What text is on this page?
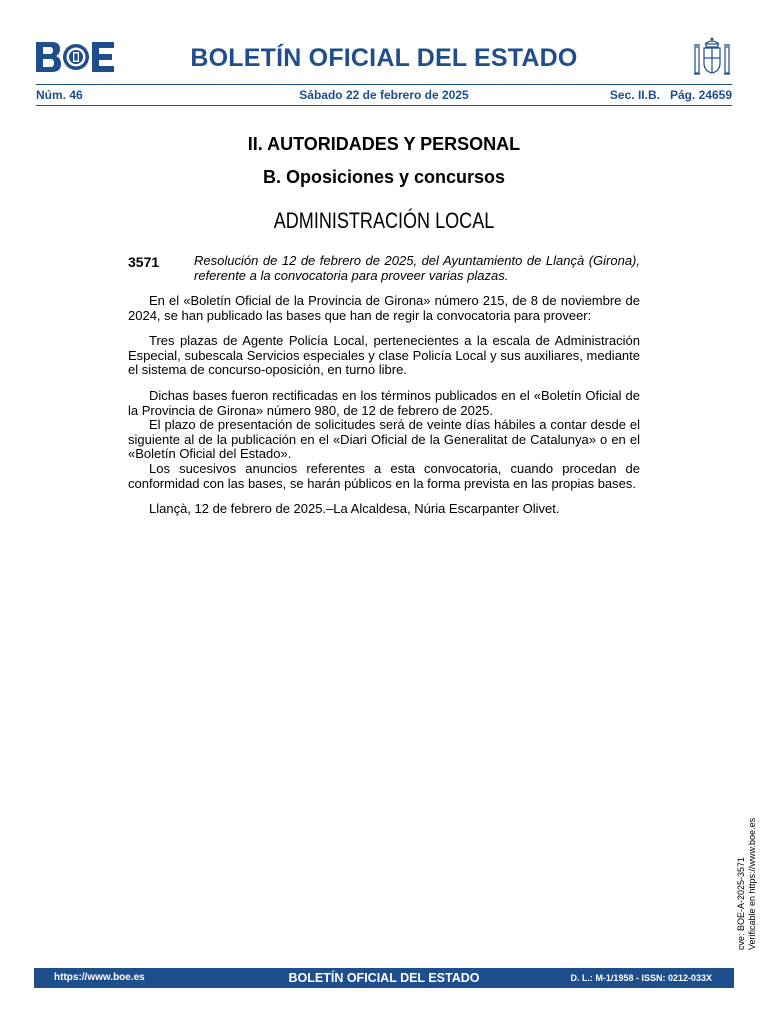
BOLETÍN OFICIAL DEL ESTADO
Núm. 46	Sábado 22 de febrero de 2025	Sec. II.B.   Pág. 24659
II. AUTORIDADES Y PERSONAL
B. Oposiciones y concursos
ADMINISTRACIÓN LOCAL
3571	Resolución de 12 de febrero de 2025, del Ayuntamiento de Llançà (Girona), referente a la convocatoria para proveer varias plazas.

En el «Boletín Oficial de la Provincia de Girona» número 215, de 8 de noviembre de 2024, se han publicado las bases que han de regir la convocatoria para proveer:

Tres plazas de Agente Policía Local, pertenecientes a la escala de Administración Especial, subescala Servicios especiales y clase Policía Local y sus auxiliares, mediante el sistema de concurso-oposición, en turno libre.

Dichas bases fueron rectificadas en los términos publicados en el «Boletín Oficial de la Provincia de Girona» número 980, de 12 de febrero de 2025.

El plazo de presentación de solicitudes será de veinte días hábiles a contar desde el siguiente al de la publicación en el «Diari Oficial de la Generalitat de Catalunya» o en el «Boletín Oficial del Estado».

Los sucesivos anuncios referentes a esta convocatoria, cuando procedan de conformidad con las bases, se harán públicos en la forma prevista en las propias bases.

Llançà, 12 de febrero de 2025.–La Alcaldesa, Núria Escarpanter Olivet.

cve: BOE-A-2025-3571 Verificable en https://www.boe.es
https://www.boe.es	BOLETÍN OFICIAL DEL ESTADO	D. L.: M-1/1958 - ISSN: 0212-033X
